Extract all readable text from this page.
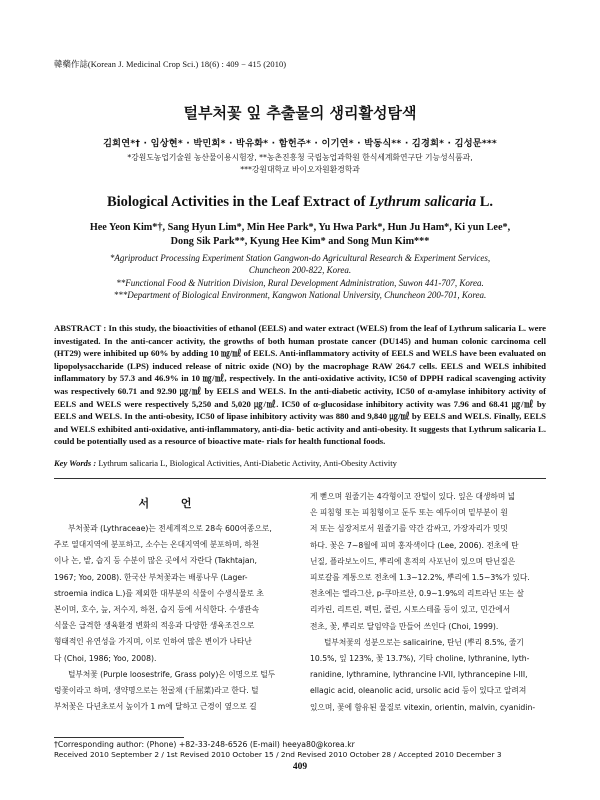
韓藥作誌(Korean J. Medicinal Crop Sci.) 18(6) : 409 − 415 (2010)
털부처꽃 잎 추출물의 생리활성탐색
김희연*† · 임상현* · 박민희* · 박유화* · 함헌주* · 이기연* · 박동식** · 김경희* · 김성문***
*강원도농업기술원 농산물이용시험장, **농촌진흥청 국립농업과학원 한식세계화연구단 기능성식품과,
***강원대학교 바이오자원환경학과
Biological Activities in the Leaf Extract of Lythrum salicaria L.
Hee Yeon Kim*†, Sang Hyun Lim*, Min Hee Park*, Yu Hwa Park*, Hun Ju Ham*, Ki yun Lee*,
Dong Sik Park**, Kyung Hee Kim* and Song Mun Kim***
*Agriproduct Processing Experiment Station Gangwon-do Agricultural Research & Experiment Services,
Chuncheon 200-822, Korea.
**Functional Food & Nutrition Division, Rural Development Administration, Suwon 441-707, Korea.
***Department of Biological Environment, Kangwon National University, Chuncheon 200-701, Korea.
ABSTRACT : In this study, the bioactivities of ethanol (EELS) and water extract (WELS) from the leaf of Lythrum salicaria L. were investigated. In the anti-cancer activity, the growths of both human prostate cancer (DU145) and human colonic carcinoma cell (HT29) were inhibited up 60% by adding 10 ㎎/㎖ of EELS. Anti-inflammatory activity of EELS and WELS have been evaluated on lipopolysaccharide (LPS) induced release of nitric oxide (NO) by the macrophage RAW 264.7 cells. EELS and WELS inhibited inflammatory by 57.3 and 46.9% in 10 ㎎/㎖, respectively. In the anti-oxidative activity, IC50 of DPPH radical scavenging activity was respectively 60.71 and 92.90 ㎍/㎖ by EELS and WELS. In the anti-diabetic activity, IC50 of α-amylase inhibitory activity of EELS and WELS were respectively 5,250 and 5,020 ㎍/㎖. IC50 of α-glucosidase inhibitory activity was 7.96 and 68.41 ㎍/㎖ by EELS and WELS. In the anti-obesity, IC50 of lipase inhibitory activity was 880 and 9,840 ㎍/㎖ by EELS and WELS. Finally, EELS and WELS exhibited anti-oxidative, anti-inflammatory, anti-dia- betic activity and anti-obesity. It suggests that Lythrum salicaria L. could be potentially used as a resource of bioactive mate- rials for health functional foods.
Key Words : Lythrum salicaria L, Biological Activities, Anti-Diabetic Activity, Anti-Obesity Activity
서 언
부처꽃과 (Lythraceae)는 전세계적으로 28속 600여종으로,
주로 열대지역에 분포하고, 소수는 온대지역에 분포하며, 하천
이나 논, 밭, 습지 등 수분이 많은 곳에서 자란다 (Takhtajan,
1967; Yoo, 2008). 한국산 부처꽃과는 배롱나무 (Lager-
stroemia indica L.)를 제외한 대부분의 식물이 수생식물로 초
본이며, 호수, 늪, 저수지, 하천, 습지 등에 서식한다. 수생관속
식물은 급격한 생육환경 변화의 적응과 다양한 생육조건으로
형태적인 유연성을 가지며, 이로 인하여 많은 변이가 나타난
다 (Choi, 1986; Yoo, 2008).
털부처꽃 (Purple loosestrife, Grass poly)은 이명으로 털두
렁꽃이라고 하며, 생약명으로는 천굴채 (千屈菜)라고 한다. 털
부처꽃은 다년초로서 높이가 1 m에 달하고 근경이 옆으로 길
게 뻗으며 원줄기는 4각형이고 잔털이 있다. 잎은 대생하며 넓
은 피침형 또는 피침형이고 둔두 또는 예두이며 밑부분이 원
저 또는 심장저로서 원줄기를 약간 감싸고, 가장자리가 밋밋
하다. 꽃은 7~8월에 피며 홍자색이다 (Lee, 2006). 전초에 탄
닌질, 플라보노이드, 뿌리에 흔적의 사포닌이 있으며 탄닌질은
피로갈롤 계통으로 전초에 1.3~12.2%, 뿌리에 1.5~3%가 있다.
전초에는 엘라그산, p-쿠마르산, 0.9~1.9%의 리트라닌 또는 살
리카린, 리트린, 펙틴, 콜린, 시토스테롤 등이 있고, 민간에서
전초, 꽃, 뿌리로 달임약을 만들어 쓰인다 (Choi, 1999).
털부처꽃의 성분으로는 salicairine, 탄닌 (뿌리 8.5%, 줄기
10.5%, 잎 123%, 꽃 13.7%), 기타 choline, lythranine, lyth-
ranidine, lythramine, lythrancine I-VII, lythrancepine I-III,
ellagic acid, oleanolic acid, ursolic acid 등이 있다고 알려져
있으며, 꽃에 함유된 물질로 vitexin, orientin, malvin, cyanidin-
†Corresponding author: (Phone) +82-33-248-6526 (E-mail) heeya80@korea.kr
Received 2010 September 2 / 1st Revised 2010 October 15 / 2nd Revised 2010 October 28 / Accepted 2010 December 3
409
